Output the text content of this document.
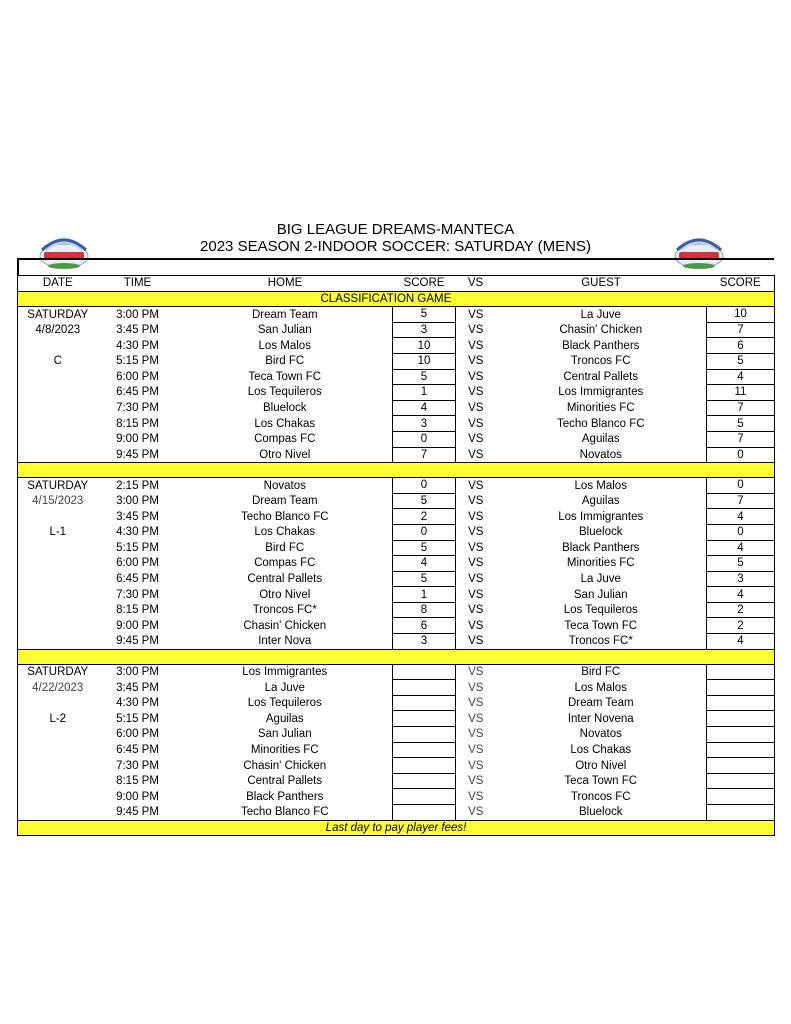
BIG LEAGUE DREAMS-MANTECA
2023 SEASON 2-INDOOR SOCCER: SATURDAY (MENS)
DATE	TIME	HOME	SCORE	VS	GUEST	SCORE
		CLASSIFICATION GAME				
SATURDAY	3:00 PM	Dream Team	5	VS	La Juve	10
4/8/2023	3:45 PM	San Julian	3	VS	Chasin' Chicken	7
	4:30 PM	Los Malos	10	VS	Black Panthers	6
C	5:15 PM	Bird FC	10	VS	Troncos FC	5
	6:00 PM	Teca Town FC	5	VS	Central Pallets	4
	6:45 PM	Los Tequileros	1	VS	Los Immigrantes	11
	7:30 PM	Bluelock	4	VS	Minorities FC	7
	8:15 PM	Los Chakas	3	VS	Techo Blanco FC	5
	9:00 PM	Compas FC	0	VS	Aguilas	7
	9:45 PM	Otro Nivel	7	VS	Novatos	0

SATURDAY	2:15 PM	Novatos	0	VS	Los Malos	0
4/15/2023	3:00 PM	Dream Team	5	VS	Aguilas	7
	3:45 PM	Techo Blanco FC	2	VS	Los Immigrantes	4
L-1	4:30 PM	Los Chakas	0	VS	Bluelock	0
	5:15 PM	Bird FC	5	VS	Black Panthers	4
	6:00 PM	Compas FC	4	VS	Minorities FC	5
	6:45 PM	Central Pallets	5	VS	La Juve	3
	7:30 PM	Otro Nivel	1	VS	San Julian	4
	8:15 PM	Troncos FC*	8	VS	Los Tequileros	2
	9:00 PM	Chasin' Chicken	6	VS	Teca Town FC	2
	9:45 PM	Inter Nova	3	VS	Troncos FC*	4

SATURDAY	3:00 PM	Los Immigrantes		VS	Bird FC	
4/22/2023	3:45 PM	La Juve		VS	Los Malos	
	4:30 PM	Los Tequileros		VS	Dream Team	
L-2	5:15 PM	Aguilas		VS	Inter Novena	
	6:00 PM	San Julian		VS	Novatos	
	6:45 PM	Minorities FC		VS	Los Chakas	
	7:30 PM	Chasin' Chicken		VS	Otro Nivel	
	8:15 PM	Central Pallets		VS	Teca Town FC	
	9:00 PM	Black Panthers		VS	Troncos FC	
	9:45 PM	Techo Blanco FC		VS	Bluelock	
Last day to pay player fees!						
